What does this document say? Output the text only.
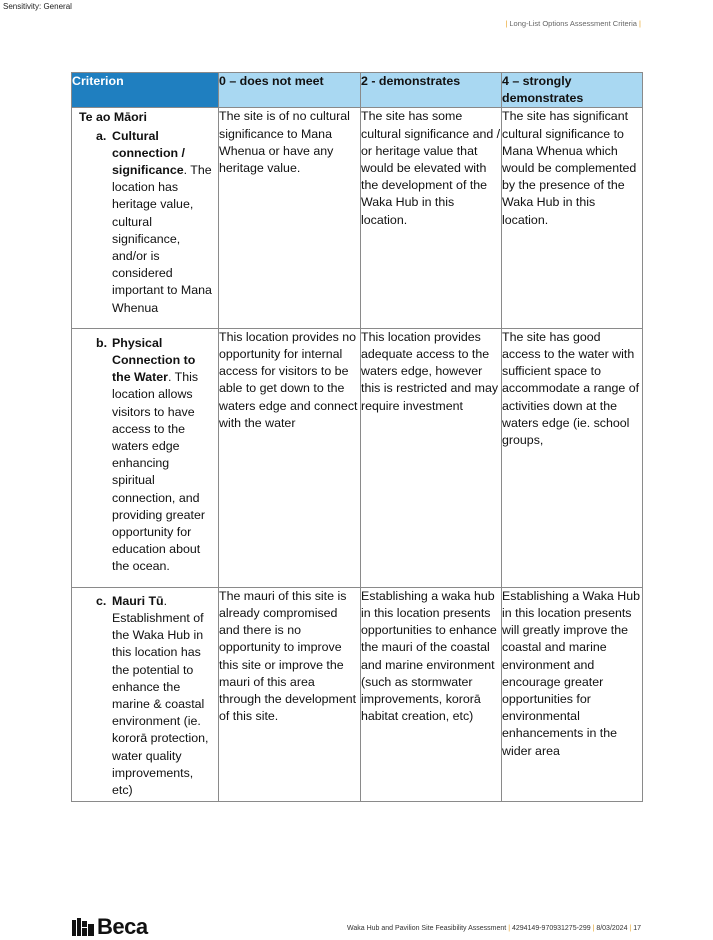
Sensitivity: General
| Long-List Options Assessment Criteria |
Criterion	0 – does not meet	2 - demonstrates	4 – strongly demonstrates

Te ao Māori
a. Cultural connection / significance. The location has heritage value, cultural significance, and/or is considered important to Mana Whenua	The site is of no cultural significance to Mana Whenua or have any heritage value.	The site has some cultural significance and / or heritage value that would be elevated with the development of the Waka Hub in this location.	The site has significant cultural significance to Mana Whenua which would be complemented by the presence of the Waka Hub in this location.

b. Physical Connection to the Water. This location allows visitors to have access to the waters edge enhancing spiritual connection, and providing greater opportunity for education about the ocean.	This location provides no opportunity for internal access for visitors to be able to get down to the waters edge and connect with the water	This location provides adequate access to the waters edge, however this is restricted and may require investment	The site has good access to the water with sufficient space to accommodate a range of activities down at the waters edge (ie. school groups,

c. Mauri Tū. Establishment of the Waka Hub in this location has the potential to enhance the marine & coastal environment (ie. kororā protection, water quality improvements, etc)	The mauri of this site is already compromised and there is no opportunity to improve this site or improve the mauri of this area through the development of this site.	Establishing a waka hub in this location presents opportunities to enhance the mauri of the coastal and marine environment (such as stormwater improvements, kororā habitat creation, etc)	Establishing a Waka Hub in this location presents will greatly improve the coastal and marine environment and encourage greater opportunities for environmental enhancements in the wider area
Beca	Waka Hub and Pavilion Site Feasibility Assessment | 4294149-970931275-299 | 8/03/2024 | 17
